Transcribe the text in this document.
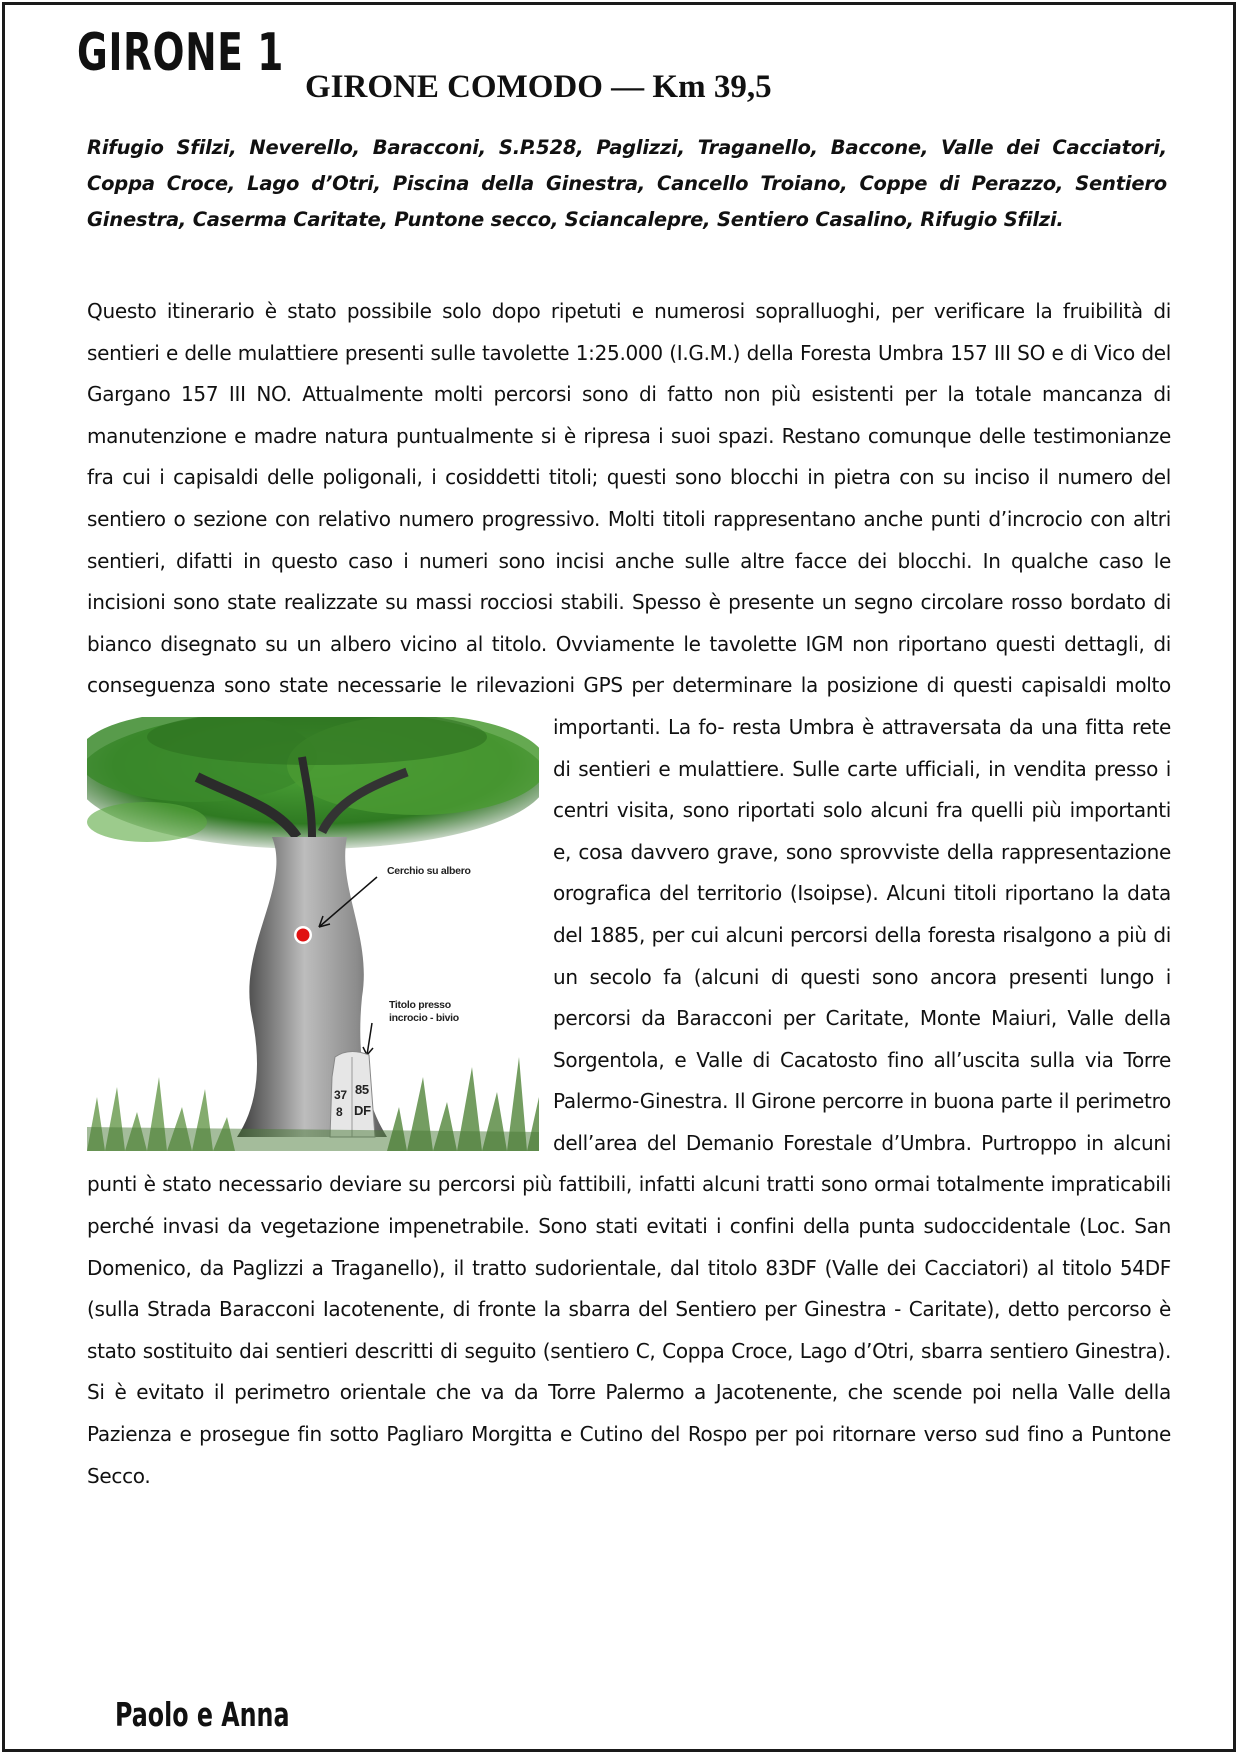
GIRONE 1
GIRONE COMODO — Km 39,5

Rifugio Sfilzi, Neverello, Baracconi, S.P.528, Paglizzi, Traganello, Baccone, Valle dei Cacciatori, Coppa Croce, Lago d’Otri, Piscina della Ginestra, Cancello Troiano, Coppe di Perazzo, Sentiero Ginestra, Caserma Caritate, Puntone secco, Sciancalepre, Sentiero Casalino, Rifugio Sfilzi.

Questo itinerario è stato possibile solo dopo ripetuti e numerosi sopralluoghi, per verificare la fruibilità di sentieri e delle mulattiere presenti sulle tavolette 1:25.000 (I.G.M.) della Foresta Umbra 157 III SO e di Vico del Gargano 157 III NO. Attualmente molti percorsi sono di fatto non più esistenti per la totale mancanza di manutenzione e madre natura puntualmente si è ripresa i suoi spazi. Restano comunque delle testimonianze fra cui i capisaldi delle poligonali, i cosiddetti titoli; questi sono blocchi in pietra con su inciso il numero del sentiero o sezione con relativo numero progressivo. Molti titoli rappresentano anche punti d’incrocio con altri sentieri, difatti in questo caso i numeri sono incisi anche sulle altre facce dei blocchi. In qualche caso le incisioni sono state realizzate su massi rocciosi stabili. Spesso è presente un segno circolare rosso bordato di bianco disegnato su un albero vicino al titolo. Ovviamente le tavolette IGM non riportano questi dettagli, di conseguenza sono state necessarie le rilevazioni GPS per determinare la posizione di questi capisaldi molto importanti. La fo-
Cerchio su albero
Titolo presso
incrocio - bivio
37
8
85
DF
resta Umbra è attraversata da una fitta rete di sentieri e mulattiere. Sulle carte ufficiali, in vendita presso i centri visita, sono riportati solo alcuni fra quelli più importanti e, cosa davvero grave, sono sprovviste della rappresentazione orografica del territorio (Isoipse). Alcuni titoli riportano la data del 1885, per cui alcuni percorsi della foresta risalgono a più di un secolo fa (alcuni di questi sono ancora presenti lungo i percorsi da Baracconi per Caritate, Monte Maiuri, Valle della Sorgentola, e Valle di Cacatosto fino all’uscita sulla via Torre Palermo-Ginestra. Il Girone percorre in buona parte il perimetro dell’area del Demanio Forestale d’Umbra. Purtroppo in alcuni punti è stato necessario deviare su percorsi più fattibili, infatti alcuni tratti sono ormai totalmente impraticabili perché invasi da vegetazione impenetrabile. Sono stati evitati i confini della punta sudoccidentale (Loc. San Domenico, da Paglizzi a Traganello), il tratto sudorientale, dal titolo 83DF (Valle dei Cacciatori) al titolo 54DF (sulla Strada Baracconi Iacotenente, di fronte la sbarra del Sentiero per Ginestra - Caritate), detto percorso è stato sostituito dai sentieri descritti di seguito (sentiero C, Coppa Croce, Lago d’Otri, sbarra sentiero Ginestra). Si è evitato il perimetro orientale che va da Torre Palermo a Jacotenente, che scende poi nella Valle della Pazienza e prosegue fin sotto Pagliaro Morgitta e Cutino del Rospo per poi ritornare verso sud fino a Puntone Secco.
Paolo e Anna
